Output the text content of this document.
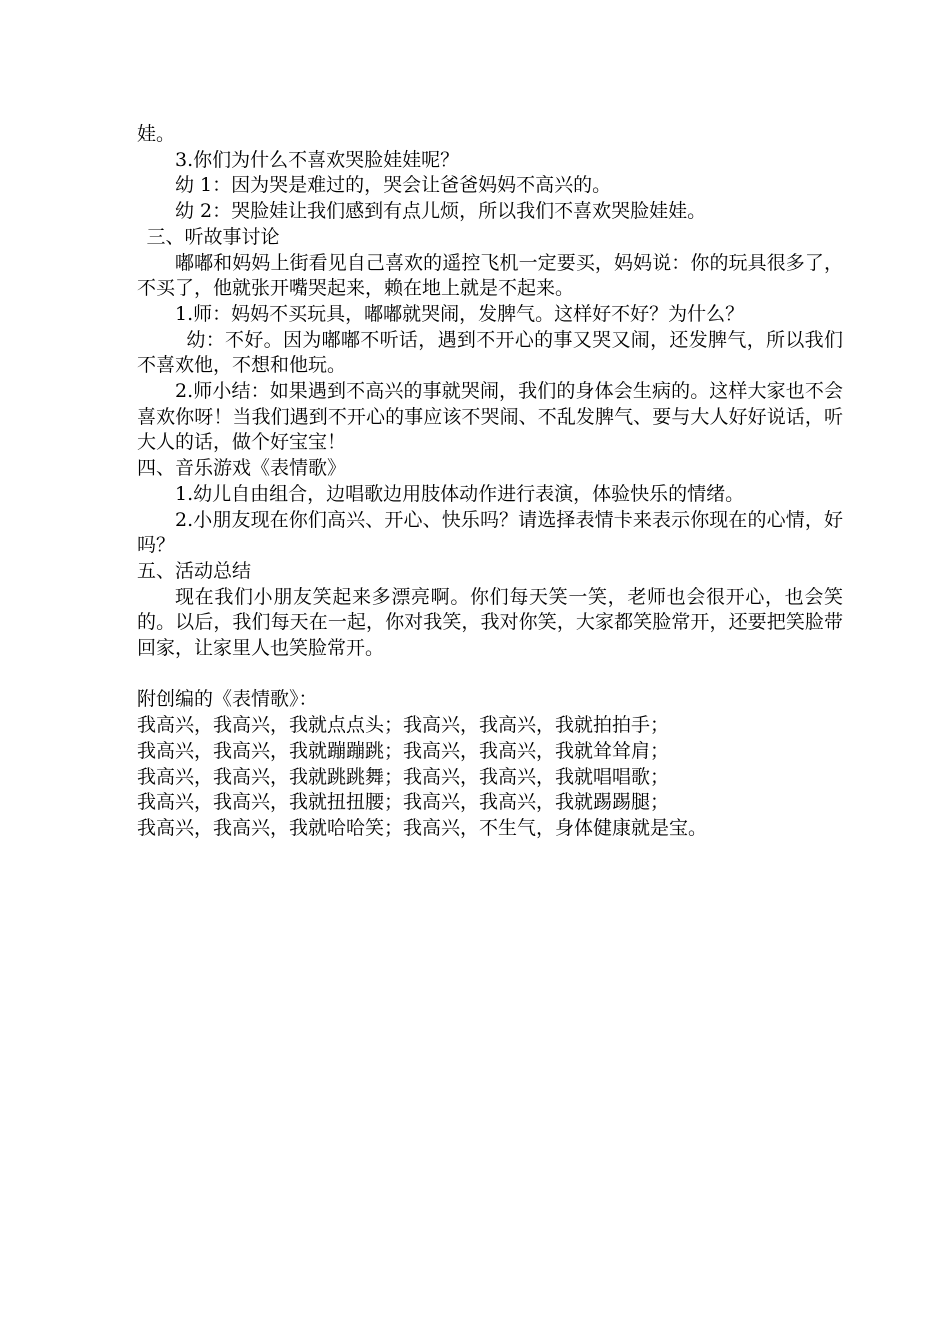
娃。

3.你们为什么不喜欢哭脸娃娃呢？

幼 1：因为哭是难过的，哭会让爸爸妈妈不高兴的。

幼 2：哭脸娃让我们感到有点儿烦，所以我们不喜欢哭脸娃娃。

三、听故事讨论

嘟嘟和妈妈上街看见自己喜欢的遥控飞机一定要买，妈妈说：你的玩具很多了，不买了，他就张开嘴哭起来，赖在地上就是不起来。

1.师：妈妈不买玩具，嘟嘟就哭闹，发脾气。这样好不好？为什么？

幼：不好。因为嘟嘟不听话，遇到不开心的事又哭又闹，还发脾气，所以我们不喜欢他，不想和他玩。

2.师小结：如果遇到不高兴的事就哭闹，我们的身体会生病的。这样大家也不会喜欢你呀！当我们遇到不开心的事应该不哭闹、不乱发脾气、要与大人好好说话，听大人的话，做个好宝宝！

四、音乐游戏《表情歌》

1.幼儿自由组合，边唱歌边用肢体动作进行表演，体验快乐的情绪。

2.小朋友现在你们高兴、开心、快乐吗？请选择表情卡来表示你现在的心情，好吗？

五、活动总结

现在我们小朋友笑起来多漂亮啊。你们每天笑一笑，老师也会很开心，也会笑的。以后，我们每天在一起，你对我笑，我对你笑，大家都笑脸常开，还要把笑脸带回家，让家里人也笑脸常开。

附创编的《表情歌》：

我高兴，我高兴，我就点点头；我高兴，我高兴，我就拍拍手；

我高兴，我高兴，我就蹦蹦跳；我高兴，我高兴，我就耸耸肩；

我高兴，我高兴，我就跳跳舞；我高兴，我高兴，我就唱唱歌；

我高兴，我高兴，我就扭扭腰；我高兴，我高兴，我就踢踢腿；

我高兴，我高兴，我就哈哈笑；我高兴，不生气，身体健康就是宝。
